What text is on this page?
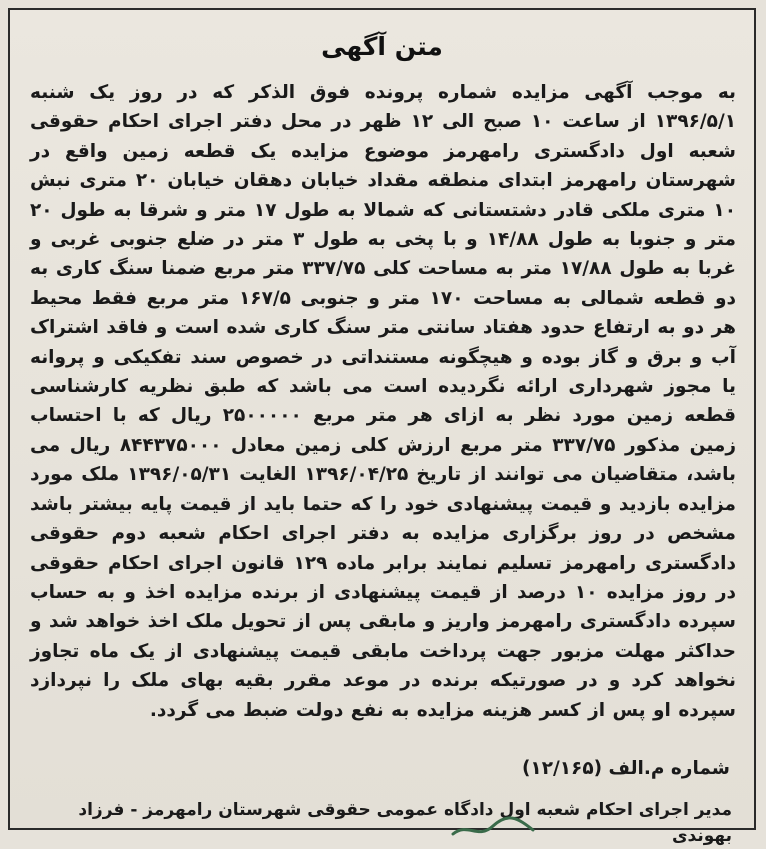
متن آگهی

به موجب آگهی مزایده شماره پرونده فوق الذکر که در روز یک شنبه ۱۳۹۶/۵/۱ از ساعت ۱۰ صبح الی ۱۲ ظهر در محل دفتر اجرای احکام حقوقی شعبه اول دادگستری رامهرمز موضوع مزایده یک قطعه زمین واقع در شهرستان رامهرمز ابتدای منطقه مقداد خیابان دهقان خیابان ۲۰ متری نبش ۱۰ متری ملکی قادر دشتستانی که شمالا به طول ۱۷ متر و شرقا به طول ۲۰ متر و جنوبا به طول ۱۴/۸۸ و با پخی به طول ۳ متر در ضلع جنوبی غربی و غربا به طول ۱۷/۸۸ متر به مساحت کلی ۳۳۷/۷۵ متر مربع ضمنا سنگ کاری به دو قطعه شمالی به مساحت ۱۷۰ متر و جنوبی ۱۶۷/۵ متر مربع فقط محیط هر دو به ارتفاع حدود هفتاد سانتی متر سنگ کاری شده است و فاقد اشتراک آب و برق و گاز بوده و هیچگونه مستنداتی در خصوص سند تفکیکی و پروانه یا مجوز شهرداری ارائه نگردیده است می باشد که طبق نظریه کارشناسی قطعه زمین مورد نظر به ازای هر متر مربع ۲۵۰۰۰۰۰ ریال که با احتساب زمین مذکور ۳۳۷/۷۵ متر مربع ارزش کلی زمین معادل ۸۴۴۳۷۵۰۰۰ ریال می باشد، متقاضیان می توانند از تاریخ ۱۳۹۶/۰۴/۲۵ الغایت ۱۳۹۶/۰۵/۳۱ ملک مورد مزایده بازدید و قیمت پیشنهادی خود را که حتما باید از قیمت پایه بیشتر باشد مشخص در روز برگزاری مزایده به دفتر اجرای احکام شعبه دوم حقوقی دادگستری رامهرمز تسلیم نمایند برابر ماده ۱۲۹ قانون اجرای احکام حقوقی در روز مزایده ۱۰ درصد از قیمت پیشنهادی از برنده مزایده اخذ و به حساب سپرده دادگستری رامهرمز واریز و مابقی پس از تحویل ملک اخذ خواهد شد و حداکثر مهلت مزبور جهت پرداخت مابقی قیمت پیشنهادی از یک ماه تجاوز نخواهد کرد و در صورتیکه برنده در موعد مقرر بقیه بهای ملک را نپردازد سپرده او پس از کسر هزینه مزایده به نفع دولت ضبط می گردد.

شماره م.الف (۱۲/۱۶۵)
مدیر اجرای احکام شعبه اول دادگاه عمومی حقوقی شهرستان رامهرمز - فرزاد بهوندی
